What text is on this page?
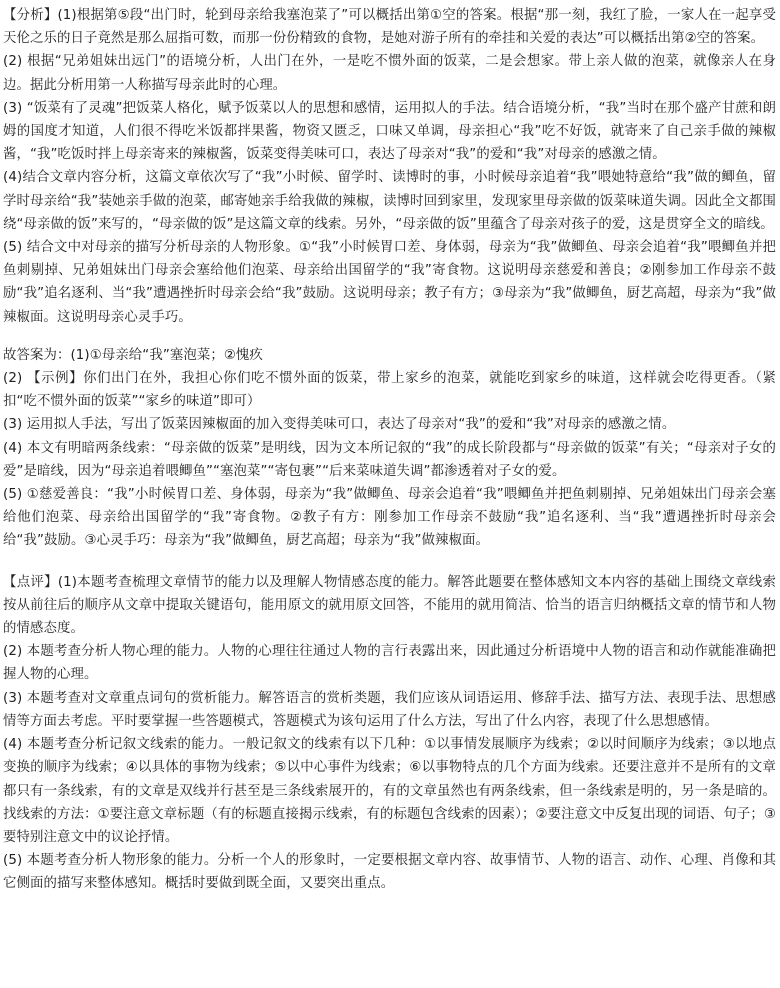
【分析】(1)根据第⑤段“出门时，轮到母亲给我塞泡菜了”可以概括出第①空的答案。根据“那一刻，我红了脸，一家人在一起享受天伦之乐的日子竟然是那么屈指可数，而那一份份精致的食物，是她对游子所有的牵挂和关爱的表达”可以概括出第②空的答案。

(2) 根据“兄弟姐妹出远门”的语境分析，人出门在外，一是吃不惯外面的饭菜，二是会想家。带上亲人做的泡菜，就像亲人在身边。据此分析用第一人称描写母亲此时的心理。

(3) “饭菜有了灵魂”把饭菜人格化，赋予饭菜以人的思想和感情，运用拟人的手法。结合语境分析，“我”当时在那个盛产甘蔗和朗姆的国度才知道，人们很不得吃米饭都拌果酱，物资又匮乏，口味又单调，母亲担心“我”吃不好饭，就寄来了自己亲手做的辣椒酱，“我”吃饭时拌上母亲寄来的辣椒酱，饭菜变得美味可口，表达了母亲对“我”的爱和“我”对母亲的感激之情。

(4)结合文章内容分析，这篇文章依次写了“我”小时候、留学时、读博时的事，小时候母亲追着“我”喂她特意给“我”做的鲫鱼，留学时母亲给“我”装她亲手做的泡菜，邮寄她亲手给我做的辣椒，读博时回到家里，发现家里母亲做的饭菜味道失调。因此全文都围绕“母亲做的饭”来写的，“母亲做的饭”是这篇文章的线索。另外，“母亲做的饭”里蕴含了母亲对孩子的爱，这是贯穿全文的暗线。

(5) 结合文中对母亲的描写分析母亲的人物形象。①“我”小时候胃口差、身体弱，母亲为“我”做鲫鱼、母亲会追着“我”喂鲫鱼并把鱼刺剔掉、兄弟姐妹出门母亲会塞给他们泡菜、母亲给出国留学的“我”寄食物。这说明母亲慈爱和善良；②刚参加工作母亲不鼓励“我”追名逐利、当“我”遭遇挫折时母亲会给“我”鼓励。这说明母亲；教子有方；③母亲为“我”做鲫鱼，厨艺高超，母亲为“我”做辣椒面。这说明母亲心灵手巧。

故答案为：(1)①母亲给“我”塞泡菜；②愧疚

(2) 【示例】你们出门在外，我担心你们吃不惯外面的饭菜，带上家乡的泡菜，就能吃到家乡的味道，这样就会吃得更香。（紧扣“吃不惯外面的饭菜”“家乡的味道”即可）

(3) 运用拟人手法，写出了饭菜因辣椒面的加入变得美味可口，表达了母亲对“我”的爱和“我”对母亲的感激之情。

(4) 本文有明暗两条线索：“母亲做的饭菜”是明线，因为文本所记叙的“我”的成长阶段都与“母亲做的饭菜”有关；“母亲对子女的爱”是暗线，因为“母亲追着喂鲫鱼”“塞泡菜”“寄包裹”“后来菜味道失调”都渗透着对子女的爱。

(5) ①慈爱善良：“我”小时候胃口差、身体弱，母亲为“我”做鲫鱼、母亲会追着“我”喂鲫鱼并把鱼刺剔掉、兄弟姐妹出门母亲会塞给他们泡菜、母亲给出国留学的“我”寄食物。②教子有方：刚参加工作母亲不鼓励“我”追名逐利、当“我”遭遇挫折时母亲会给“我”鼓励。③心灵手巧：母亲为“我”做鲫鱼，厨艺高超；母亲为“我”做辣椒面。

【点评】(1)本题考查梳理文章情节的能力以及理解人物情感态度的能力。解答此题要在整体感知文本内容的基础上围绕文章线索按从前往后的顺序从文章中提取关键语句，能用原文的就用原文回答，不能用的就用简洁、恰当的语言归纳概括文章的情节和人物的情感态度。

(2) 本题考查分析人物心理的能力。人物的心理往往通过人物的言行表露出来，因此通过分析语境中人物的语言和动作就能准确把握人物的心理。

(3) 本题考查对文章重点词句的赏析能力。解答语言的赏析类题，我们应该从词语运用、修辞手法、描写方法、表现手法、思想感情等方面去考虑。平时要掌握一些答题模式，答题模式为该句运用了什么方法，写出了什么内容，表现了什么思想感情。

(4) 本题考查分析记叙文线索的能力。一般记叙文的线索有以下几种：①以事情发展顺序为线索；②以时间顺序为线索；③以地点变换的顺序为线索；④以具体的事物为线索；⑤以中心事件为线索；⑥以事物特点的几个方面为线索。还要注意并不是所有的文章都只有一条线索，有的文章是双线并行甚至是三条线索展开的，有的文章虽然也有两条线索，但一条线索是明的，另一条是暗的。找线索的方法：①要注意文章标题（有的标题直接揭示线索，有的标题包含线索的因素）；②要注意文中反复出现的词语、句子；③要特别注意文中的议论抒情。

(5) 本题考查分析人物形象的能力。分析一个人的形象时，一定要根据文章内容、故事情节、人物的语言、动作、心理、肖像和其它侧面的描写来整体感知。概括时要做到既全面，又要突出重点。
